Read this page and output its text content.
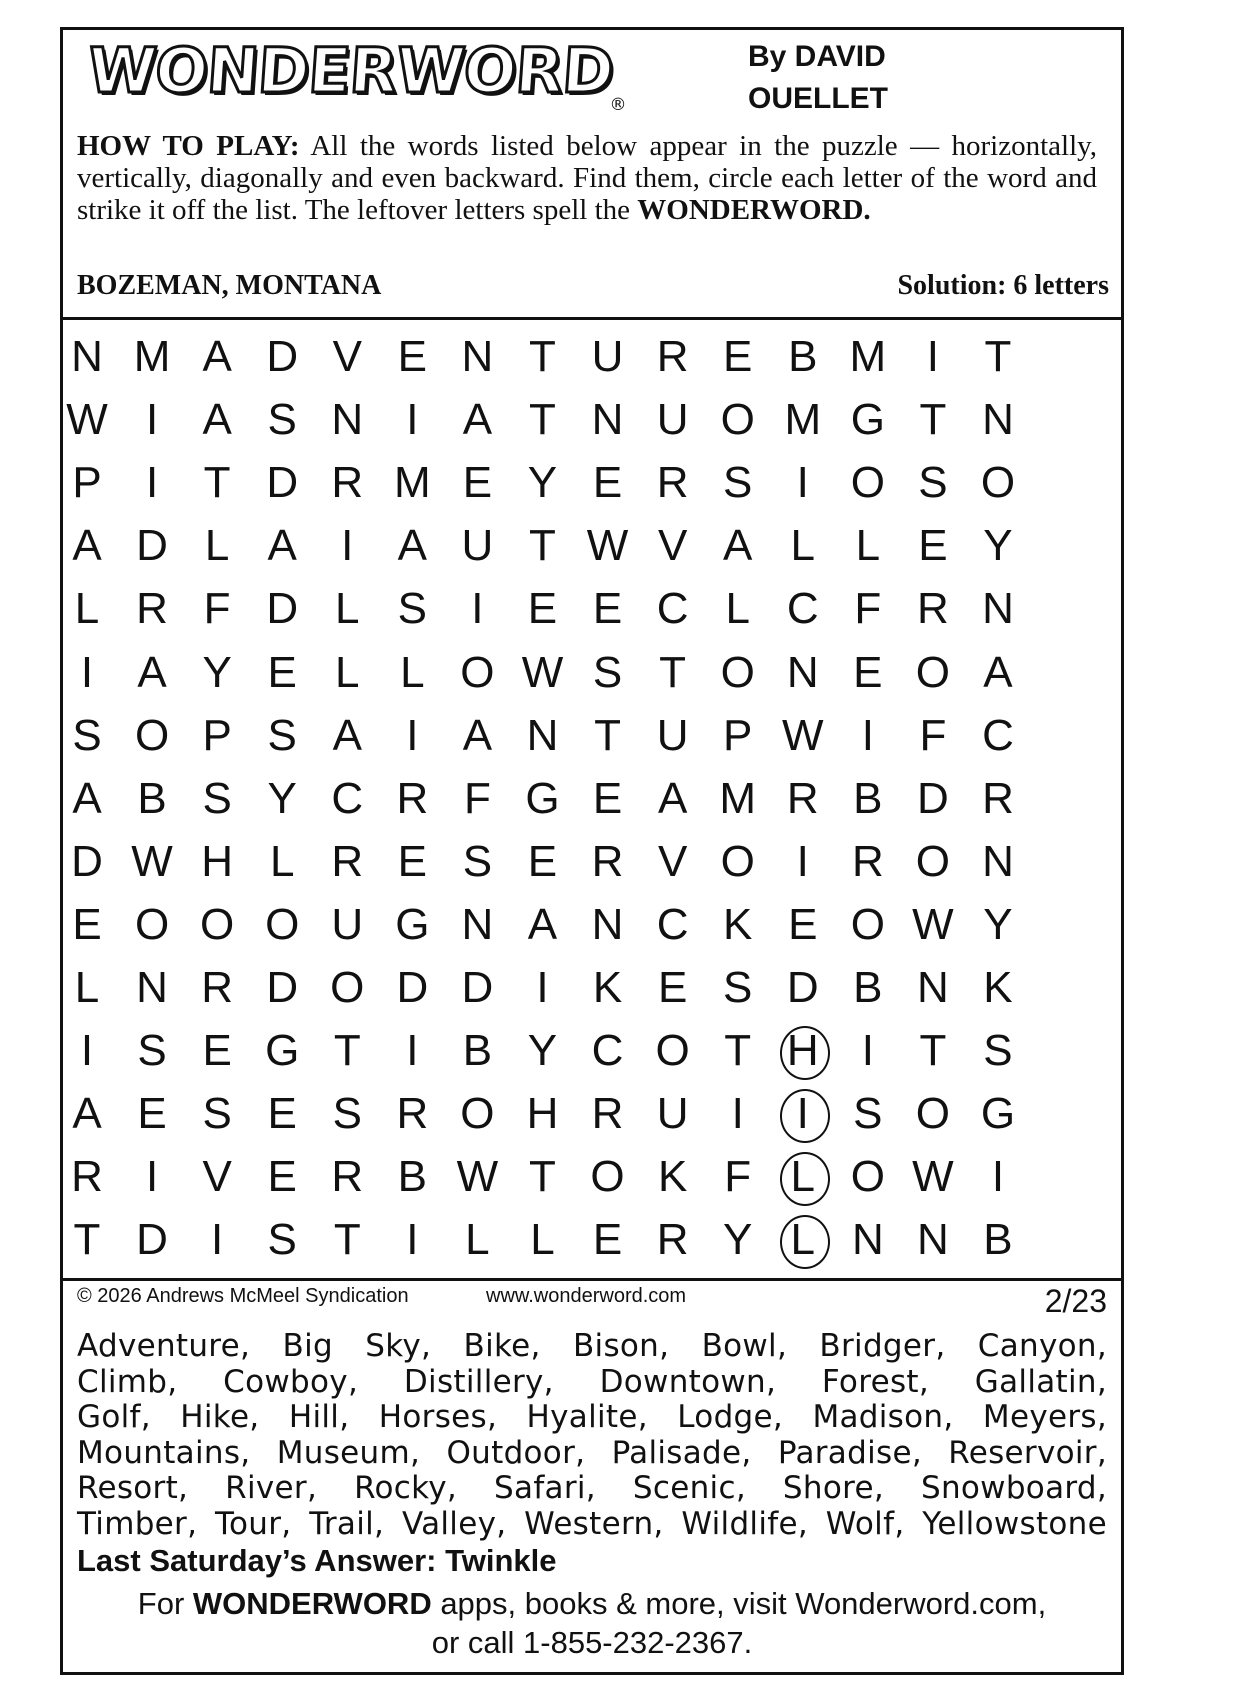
WONDERWORD
®
By DAVID
OUELLET
HOW TO PLAY: All the words listed below appear in the puzzle — horizontally, vertically, diagonally and even backward. Find them, circle each letter of the word and strike it off the list. The leftover letters spell the WONDERWORD.
BOZEMAN, MONTANA	Solution: 6 letters
N M A D V E N T U R E B M I	T
W I	A S N I	A T N U O M G T N
P	I	T D R M E Y E R S	I O S O
A D L A	I	A U T W V A L L E Y
L R F D L S	I	E E C L C F R N
I	A Y E L L O W S T O N E O A
S O P S A	I	A N T U P W I	F C
A B S Y C R F G E A M R B D R
D W H L R E S E R V O I R O N
E O O O U G N A N C K E O W Y
L N R D O D D I	K E S D B N K
I	S E G T	I	B Y C O T H I	T S
A E S E S R O H R U I	I	S O G
R I	V E R B W T O K F L O W I
T D I	S T	I	L L E R Y L N N B
© 2026 Andrews McMeel Syndication	www.wonderword.com	2/23
Adventure, Big Sky, Bike, Bison, Bowl, Bridger, Canyon,
Climb, Cowboy, Distillery, Downtown, Forest, Gallatin,
Golf, Hike, Hill, Horses, Hyalite, Lodge, Madison, Meyers,
Mountains, Museum, Outdoor, Palisade, Paradise, Reservoir,
Resort, River, Rocky, Safari, Scenic, Shore, Snowboard,
Timber, Tour, Trail, Valley, Western, Wildlife, Wolf, Yellowstone
Last Saturday’s Answer: Twinkle
For WONDERWORD apps, books & more, visit Wonderword.com,
or call 1-855-232-2367.
